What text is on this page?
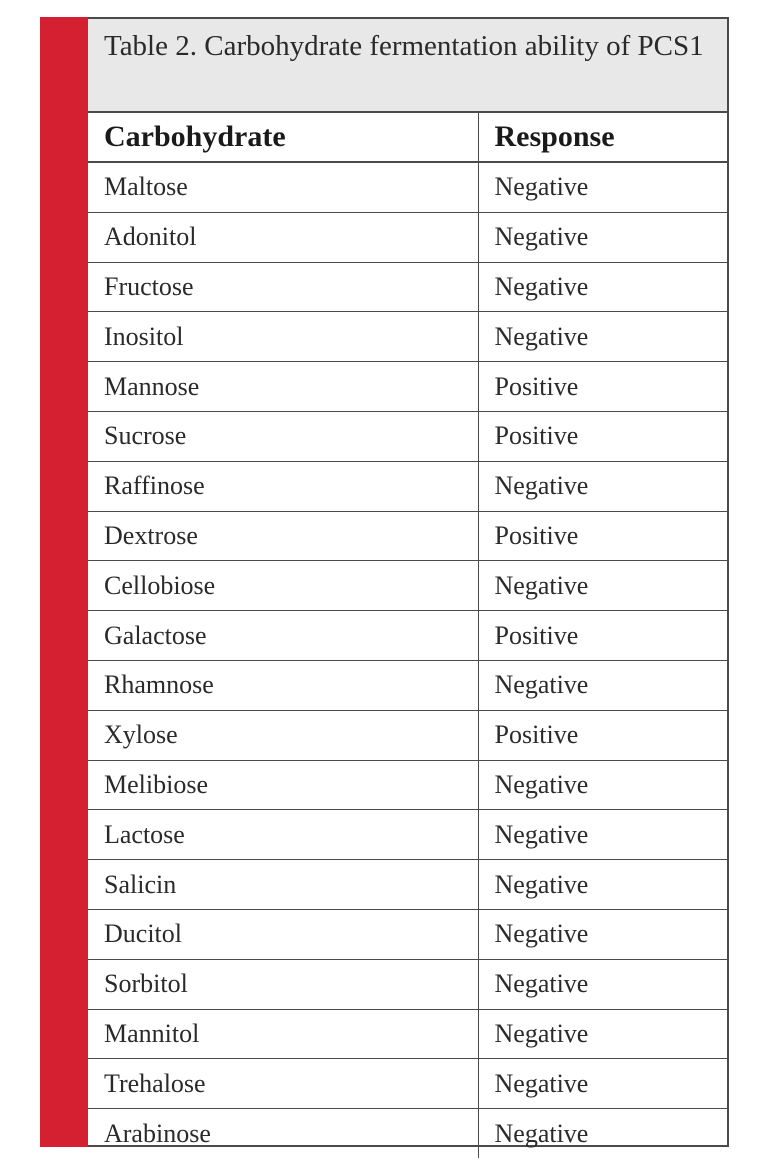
Table 2. Carbohydrate fermentation ability of PCS1
Carbohydrate	Response
Maltose	Negative
Adonitol	Negative
Fructose	Negative
Inositol	Negative
Mannose	Positive
Sucrose	Positive
Raffinose	Negative
Dextrose	Positive
Cellobiose	Negative
Galactose	Positive
Rhamnose	Negative
Xylose	Positive
Melibiose	Negative
Lactose	Negative
Salicin	Negative
Ducitol	Negative
Sorbitol	Negative
Mannitol	Negative
Trehalose	Negative
Arabinose	Negative
